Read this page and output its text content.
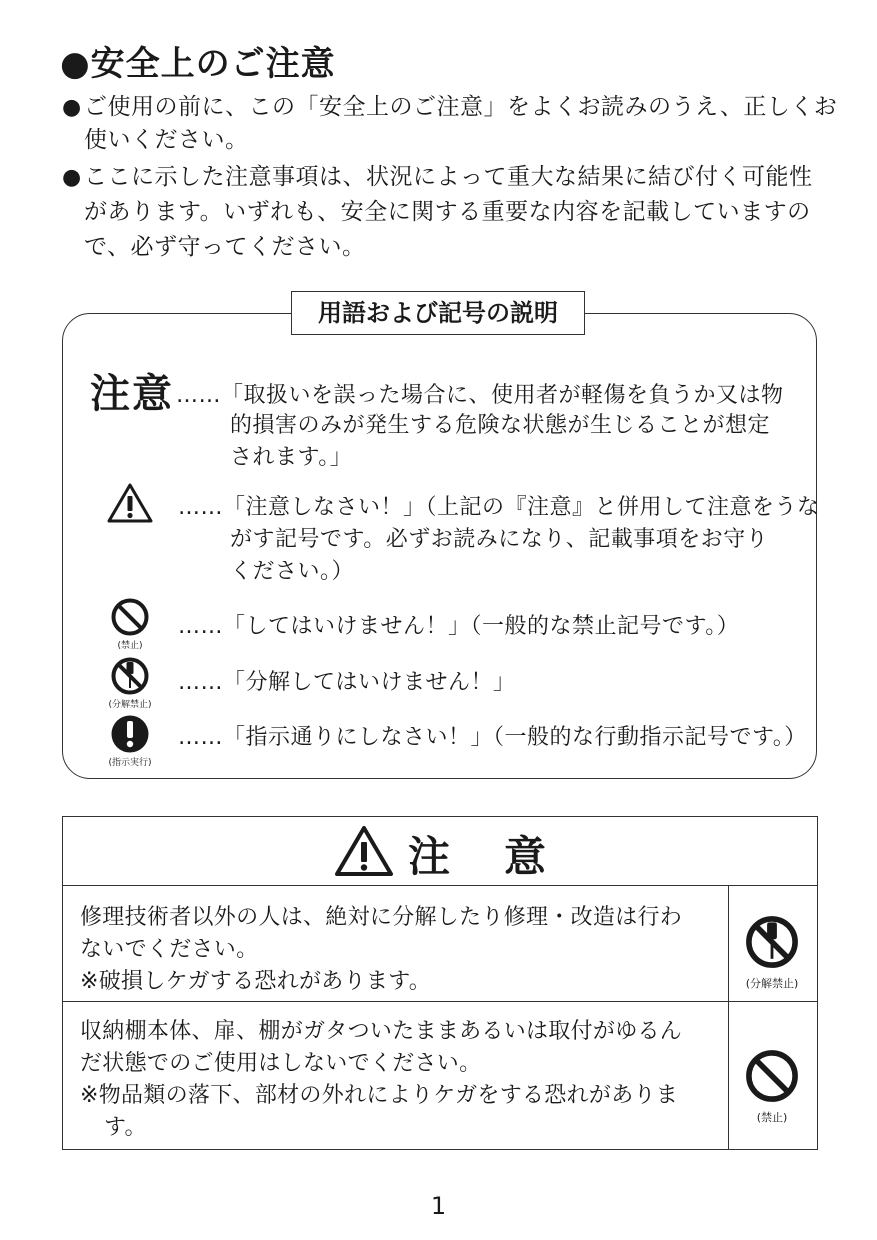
●安全上のご注意
●ご使用の前に、この「安全上のご注意」をよくお読みのうえ、正しくお
使いください。
●ここに示した注意事項は、状況によって重大な結果に結び付く可能性
があります。いずれも、安全に関する重要な内容を記載していますの
で、必ず守ってください。
用語および記号の説明
注意 ……「取扱いを誤った場合に、使用者が軽傷を負うか又は物
的損害のみが発生する危険な状態が生じることが想定
されます。」
……「注意しなさい！」（上記の『注意』と併用して注意をうな
がす記号です。必ずお読みになり、記載事項をお守り
ください。）
(禁止)
……「してはいけません！」（一般的な禁止記号です。）
(分解禁止)
……「分解してはいけません！」
(指示実行)
……「指示通りにしなさい！」（一般的な行動指示記号です。）
注　意
修理技術者以外の人は、絶対に分解したり修理・改造は行わ
ないでください。
※破損しケガする恐れがあります。	(分解禁止)
収納棚本体、扉、棚がガタついたままあるいは取付がゆるん
だ状態でのご使用はしないでください。
※物品類の落下、部材の外れによりケガをする恐れがありま
す。	(禁止)
1
